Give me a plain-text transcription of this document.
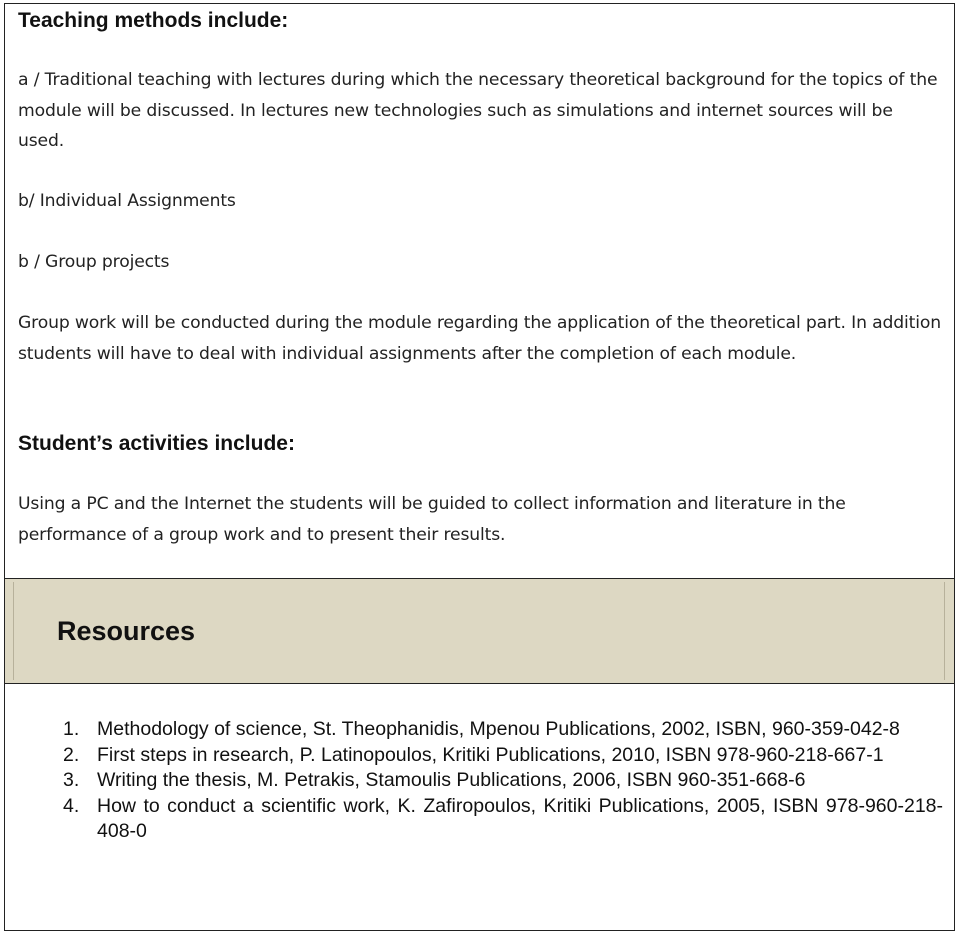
Teaching methods include:

a / Traditional teaching with lectures during which the necessary theoretical background for the topics of the module will be discussed. In lectures new technologies such as simulations and internet sources will be used.

b/ Individual Assignments

b / Group projects

Group work will be conducted during the module regarding the application of the theoretical part. In addition students will have to deal with individual assignments after the completion of each module.

Student’s activities include:

Using a PC and the Internet the students will be guided to collect information and literature in the performance of a group work and to present their results.

Resources
1. Methodology of science, St. Theophanidis, Mpenou Publications, 2002, ISBN, 960-359-042-8
2. First steps in research, P. Latinopoulos, Kritiki Publications, 2010, ISBN 978-960-218-667-1
3. Writing the thesis, M. Petrakis, Stamoulis Publications, 2006, ISBN 960-351-668-6
4. How to conduct a scientific work, K. Zafiropoulos, Kritiki Publications, 2005, ISBN 978-960-218-408-0
